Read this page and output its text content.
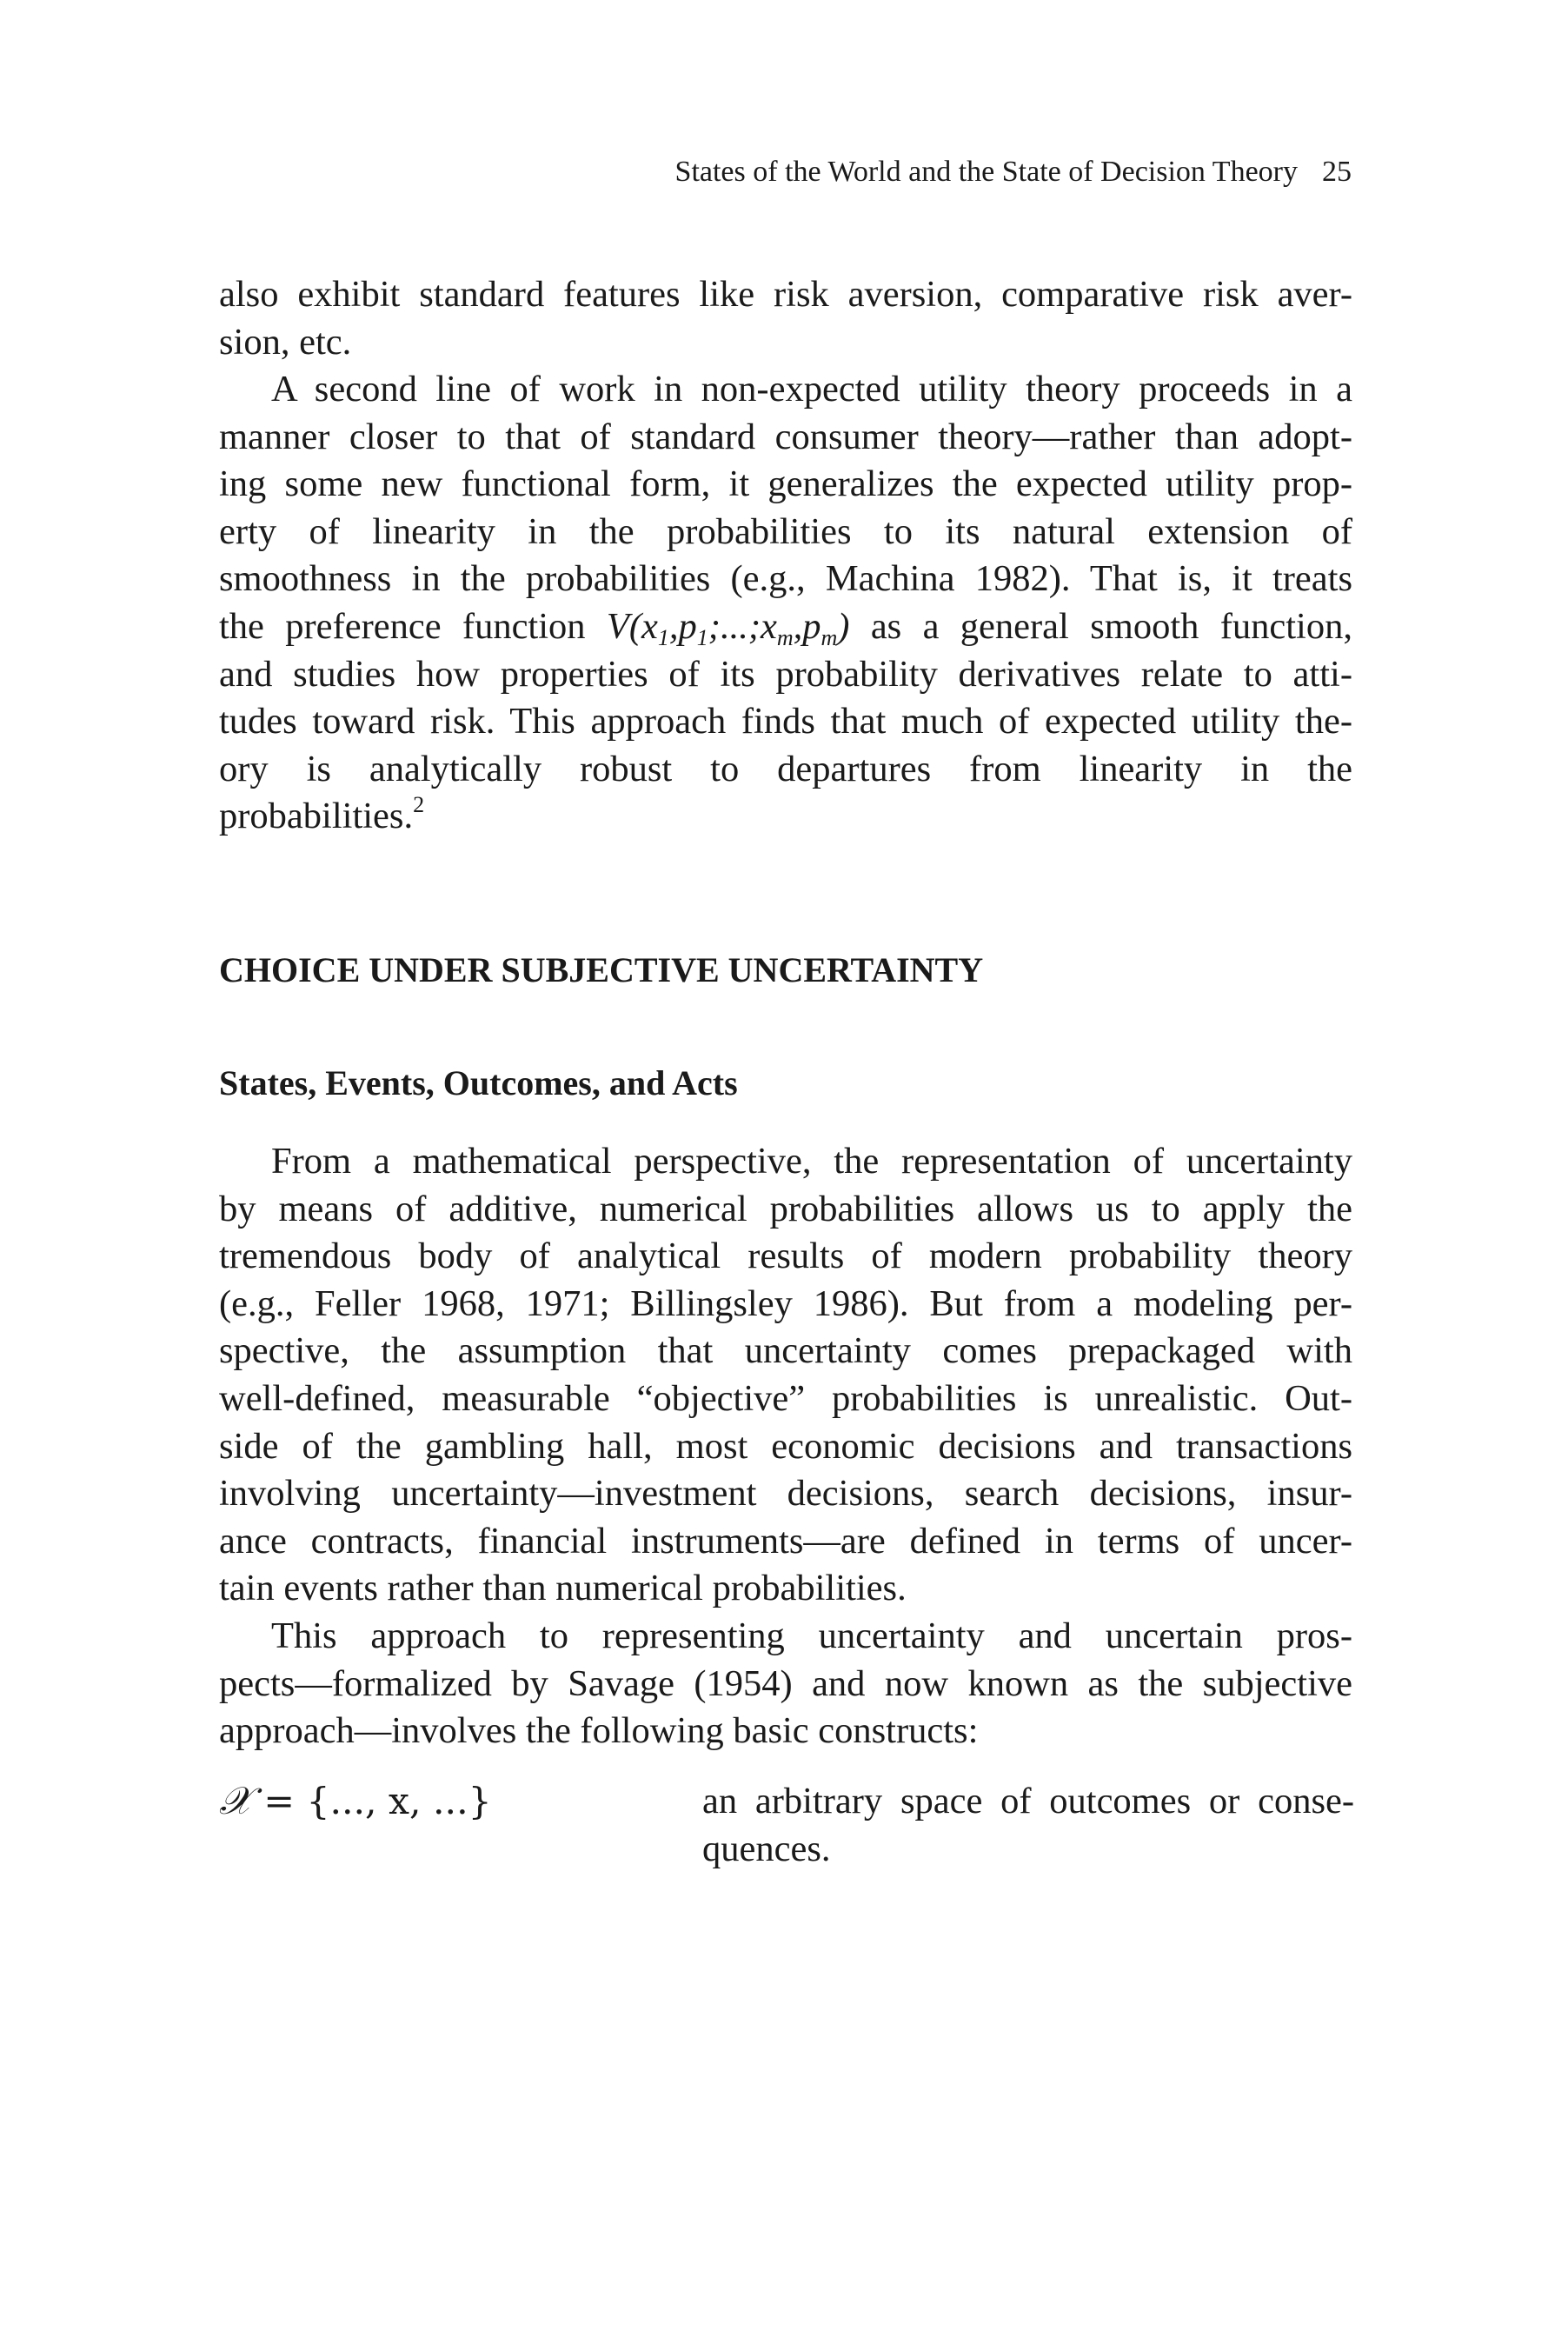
States of the World and the State of Decision Theory 25
also exhibit standard features like risk aversion, comparative risk aver-
sion, etc.
A second line of work in non-expected utility theory proceeds in a
manner closer to that of standard consumer theory—rather than adopt-
ing some new functional form, it generalizes the expected utility prop-
erty of linearity in the probabilities to its natural extension of
smoothness in the probabilities (e.g., Machina 1982). That is, it treats
the preference function $V(x_1,p_1;...;x_m,p_m)$ as a general smooth function,
and studies how properties of its probability derivatives relate to atti-
tudes toward risk. This approach finds that much of expected utility the-
ory is analytically robust to departures from linearity in the
probabilities.$^2$
CHOICE UNDER SUBJECTIVE UNCERTAINTY
States, Events, Outcomes, and Acts
From a mathematical perspective, the representation of uncertainty
by means of additive, numerical probabilities allows us to apply the
tremendous body of analytical results of modern probability theory
(e.g., Feller 1968, 1971; Billingsley 1986). But from a modeling per-
spective, the assumption that uncertainty comes prepackaged with
well-defined, measurable “objective” probabilities is unrealistic. Out-
side of the gambling hall, most economic decisions and transactions
involving uncertainty—investment decisions, search decisions, insur-
ance contracts, financial instruments—are defined in terms of uncer-
tain events rather than numerical probabilities.
This approach to representing uncertainty and uncertain pros-
pects—formalized by Savage (1954) and now known as the subjective
approach—involves the following basic constructs:
𝒳 = {..., x, ...}	an arbitrary space of outcomes or conse-
quences.
